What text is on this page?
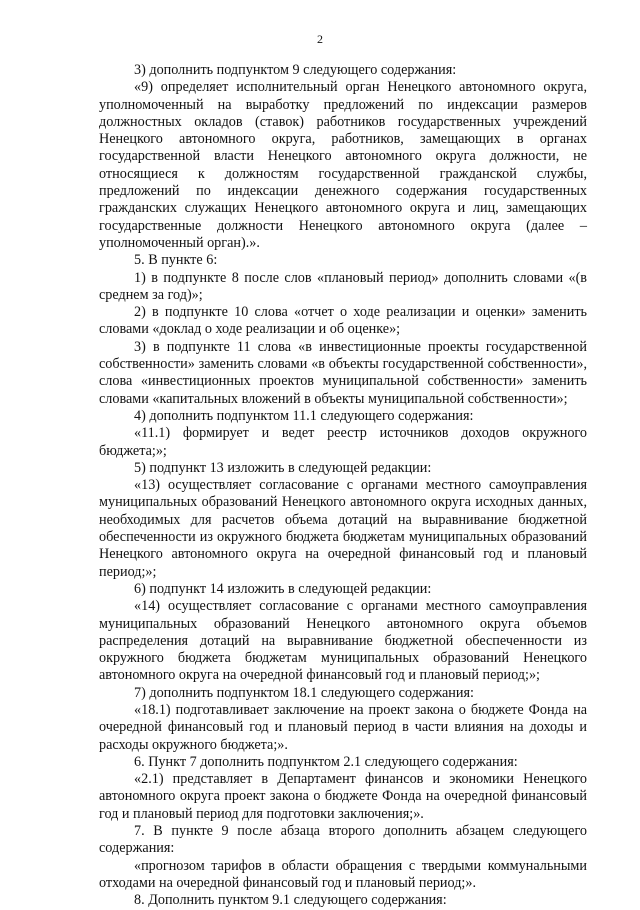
2

3) дополнить подпунктом 9 следующего содержания:

«9) определяет исполнительный орган Ненецкого автономного округа, уполномоченный на выработку предложений по индексации размеров должностных окладов (ставок) работников государственных учреждений Ненецкого автономного округа, работников, замещающих в органах государственной власти Ненецкого автономного округа должности, не относящиеся к должностям государственной гражданской службы, предложений по индексации денежного содержания государственных гражданских служащих Ненецкого автономного округа и лиц, замещающих государственные должности Ненецкого автономного округа (далее – уполномоченный орган).».

5. В пункте 6:

1) в подпункте 8 после слов «плановый период» дополнить словами «(в среднем за год)»;

2) в подпункте 10 слова «отчет о ходе реализации и оценки» заменить словами «доклад о ходе реализации и об оценке»;

3) в подпункте 11 слова «в инвестиционные проекты государственной собственности» заменить словами «в объекты государственной собственности», слова «инвестиционных проектов муниципальной собственности» заменить словами «капитальных вложений в объекты муниципальной собственности»;

4) дополнить подпунктом 11.1 следующего содержания:

«11.1) формирует и ведет реестр источников доходов окружного бюджета;»;

5) подпункт 13 изложить в следующей редакции:

«13) осуществляет согласование с органами местного самоуправления муниципальных образований Ненецкого автономного округа исходных данных, необходимых для расчетов объема дотаций на выравнивание бюджетной обеспеченности из окружного бюджета бюджетам муниципальных образований Ненецкого автономного округа на очередной финансовый год и плановый период;»;

6) подпункт 14 изложить в следующей редакции:

«14) осуществляет согласование с органами местного самоуправления муниципальных образований Ненецкого автономного округа объемов распределения дотаций на выравнивание бюджетной обеспеченности из окружного бюджета бюджетам муниципальных образований Ненецкого автономного округа на очередной финансовый год и плановый период;»;

7) дополнить подпунктом 18.1 следующего содержания:

«18.1) подготавливает заключение на проект закона о бюджете Фонда на очередной финансовый год и плановый период в части влияния на доходы и расходы окружного бюджета;».

6. Пункт 7 дополнить подпунктом 2.1 следующего содержания:

«2.1) представляет в Департамент финансов и экономики Ненецкого автономного округа проект закона о бюджете Фонда на очередной финансовый год и плановый период для подготовки заключения;».

7. В пункте 9 после абзаца второго дополнить абзацем следующего содержания:

«прогнозом тарифов в области обращения с твердыми коммунальными отходами на очередной финансовый год и плановый период;».

8. Дополнить пунктом 9.1 следующего содержания:
